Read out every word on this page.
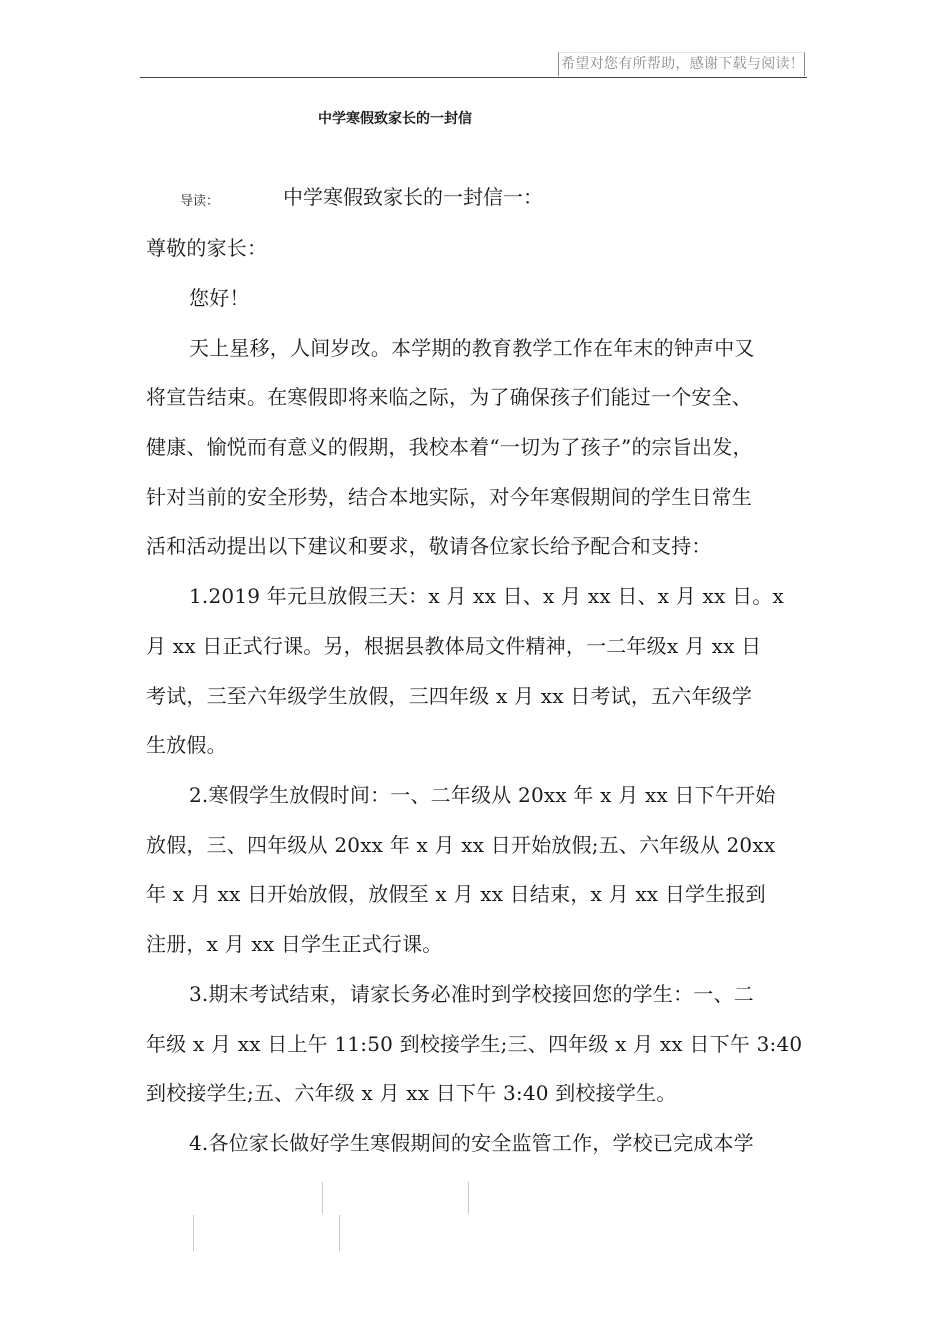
希望对您有所帮助，感谢下载与阅读！
中学寒假致家长的一封信
导读：	中学寒假致家长的一封信一：
尊敬的家长：
您好！
天上星移，人间岁改。本学期的教育教学工作在年末的钟声中又
将宣告结束。在寒假即将来临之际，为了确保孩子们能过一个安全、
健康、愉悦而有意义的假期，我校本着“一切为了孩子”的宗旨出发，
针对当前的安全形势，结合本地实际，对今年寒假期间的学生日常生
活和活动提出以下建议和要求，敬请各位家长给予配合和支持：
1.2019 年元旦放假三天：x 月 xx 日、x 月 xx 日、x 月 xx 日。x
月 xx 日正式行课。另，根据县教体局文件精神，一二年级x 月 xx 日
考试，三至六年级学生放假，三四年级 x 月 xx 日考试，五六年级学
生放假。
2.寒假学生放假时间：一、二年级从 20xx 年 x 月 xx 日下午开始
放假，三、四年级从 20xx 年 x 月 xx 日开始放假;五、六年级从 20xx
年 x 月 xx 日开始放假，放假至 x 月 xx 日结束，x 月 xx 日学生报到
注册，x 月 xx 日学生正式行课。
3.期末考试结束，请家长务必准时到学校接回您的学生：一、二
年级 x 月 xx 日上午 11:50 到校接学生;三、四年级 x 月 xx 日下午 3:40
到校接学生;五、六年级 x 月 xx 日下午 3:40 到校接学生。
4.各位家长做好学生寒假期间的安全监管工作，学校已完成本学
